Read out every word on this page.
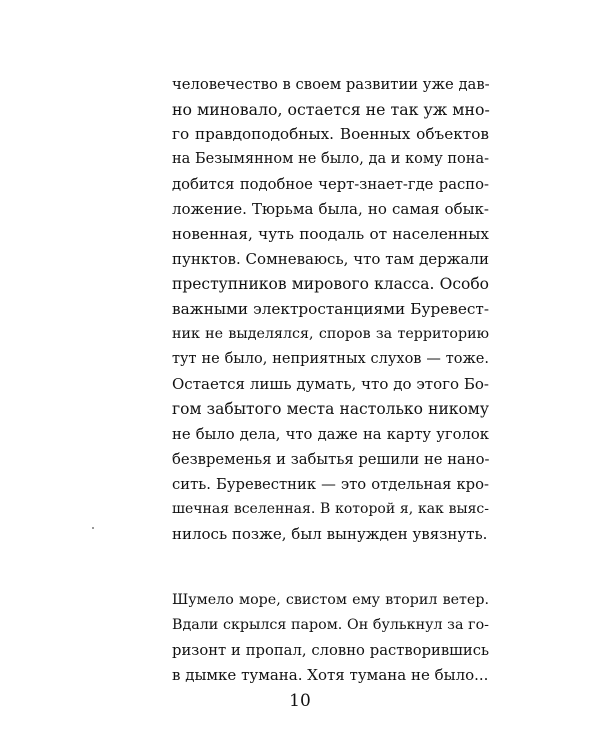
человечество в своем развитии уже дав-
но миновало, остается не так уж мно-
го правдоподобных. Военных объектов
на Безымянном не было, да и кому пона-
добится подобное черт-знает-где распо-
ложение. Тюрьма была, но самая обык-
новенная, чуть поодаль от населенных
пунктов. Сомневаюсь, что там держали
преступников мирового класса. Особо
важными электростанциями Буревест-
ник не выделялся, споров за территорию
тут не было, неприятных слухов — тоже.
Остается лишь думать, что до этого Бо-
гом забытого места настолько никому
не было дела, что даже на карту уголок
безвременья и забытья решили не нано-
сить. Буревестник — это отдельная кро-
шечная вселенная. В которой я, как выяс-
нилось позже, был вынужден увязнуть.
Шумело море, свистом ему вторил ветер.
Вдали скрылся паром. Он булькнул за го-
ризонт и пропал, словно растворившись
в дымке тумана. Хотя тумана не было...
10
